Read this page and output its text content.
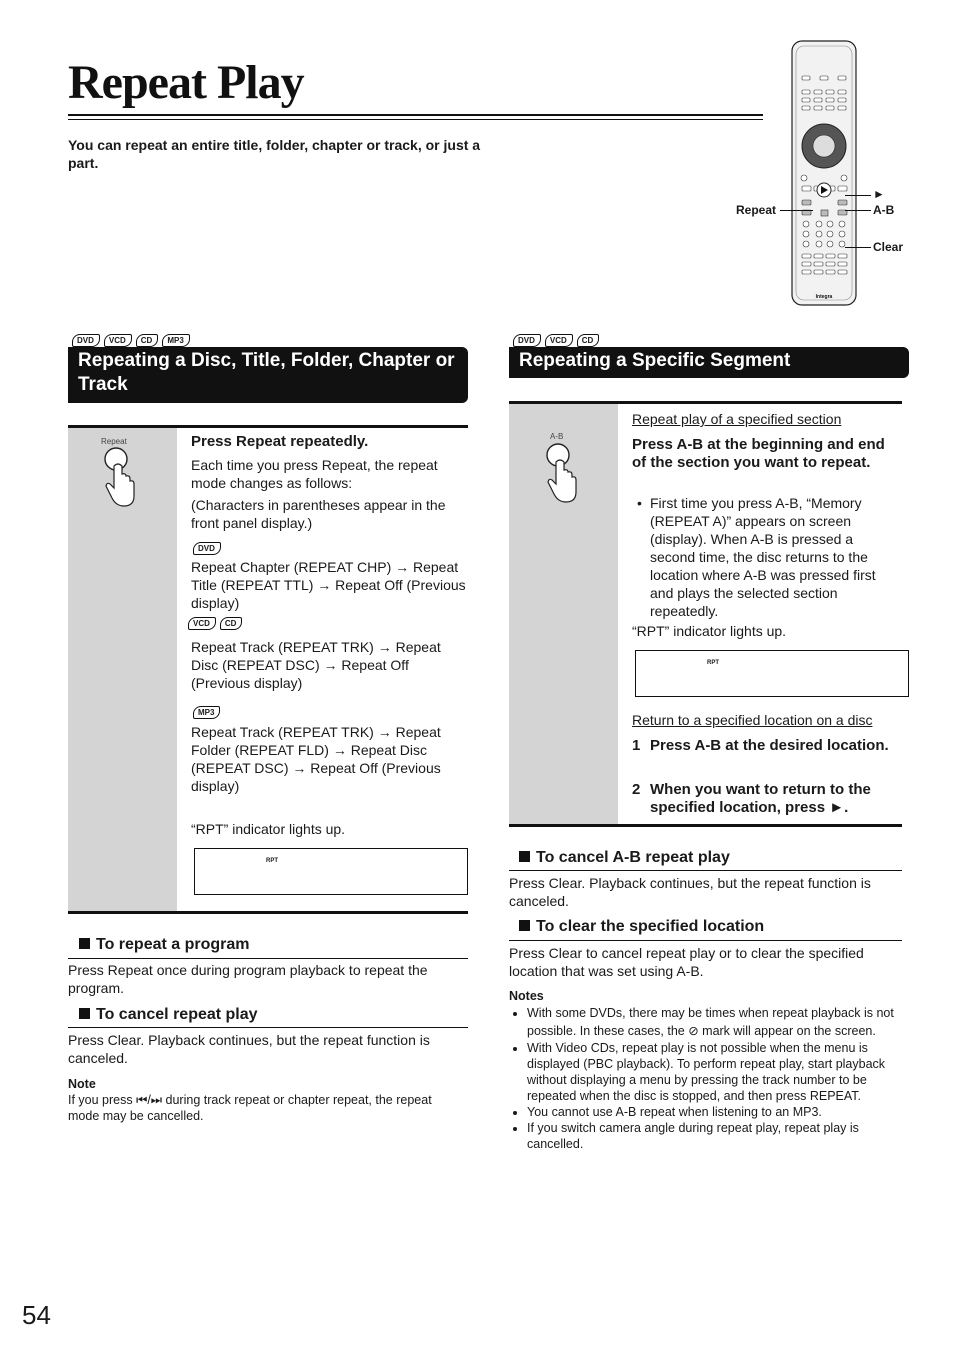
Repeat Play
You can repeat an entire title, folder, chapter or track, or just a part.
Integra
Repeat
►
A-B
Clear
DVD VCD CD MP3
Repeating a Disc, Title, Folder, Chapter or Track
Repeat	Press Repeat repeatedly.
Each time you press Repeat, the repeat mode changes as follows:
(Characters in parentheses appear in the front panel display.)
DVD
Repeat Chapter (REPEAT CHP) → Repeat Title (REPEAT TTL) → Repeat Off (Previous display)
VCD CD
Repeat Track (REPEAT TRK) → Repeat Disc (REPEAT DSC) → Repeat Off (Previous display)
MP3
Repeat Track (REPEAT TRK) → Repeat Folder (REPEAT FLD) → Repeat Disc (REPEAT DSC) → Repeat Off (Previous display)
“RPT” indicator lights up.
RPT
To repeat a program
Press Repeat once during program playback to repeat the program.
To cancel repeat play
Press Clear. Playback continues, but the repeat function is canceled.
Note
If you press ⏮/⏭ during track repeat or chapter repeat, the repeat mode may be cancelled.
DVD VCD CD
Repeating a Specific Segment
A-B
Repeat play of a specified section
Press A-B at the beginning and end of the section you want to repeat.
• First time you press A-B, “Memory (REPEAT A)” appears on screen (display). When A-B is pressed a second time, the disc returns to the location where A-B was pressed first and plays the selected section repeatedly.
“RPT” indicator lights up.
RPT
Return to a specified location on a disc
1 Press A-B at the desired location.
2 When you want to return to the specified location, press ►.
To cancel A-B repeat play
Press Clear. Playback continues, but the repeat function is canceled.
To clear the specified location
Press Clear to cancel repeat play or to clear the specified location that was set using A-B.
Notes
• With some DVDs, there may be times when repeat playback is not possible. In these cases, the ⊘ mark will appear on the screen.
• With Video CDs, repeat play is not possible when the menu is displayed (PBC playback). To perform repeat play, start playback without displaying a menu by pressing the track number to be repeated when the disc is stopped, and then press REPEAT.
• You cannot use A-B repeat when listening to an MP3.
• If you switch camera angle during repeat play, repeat play is cancelled.
54
